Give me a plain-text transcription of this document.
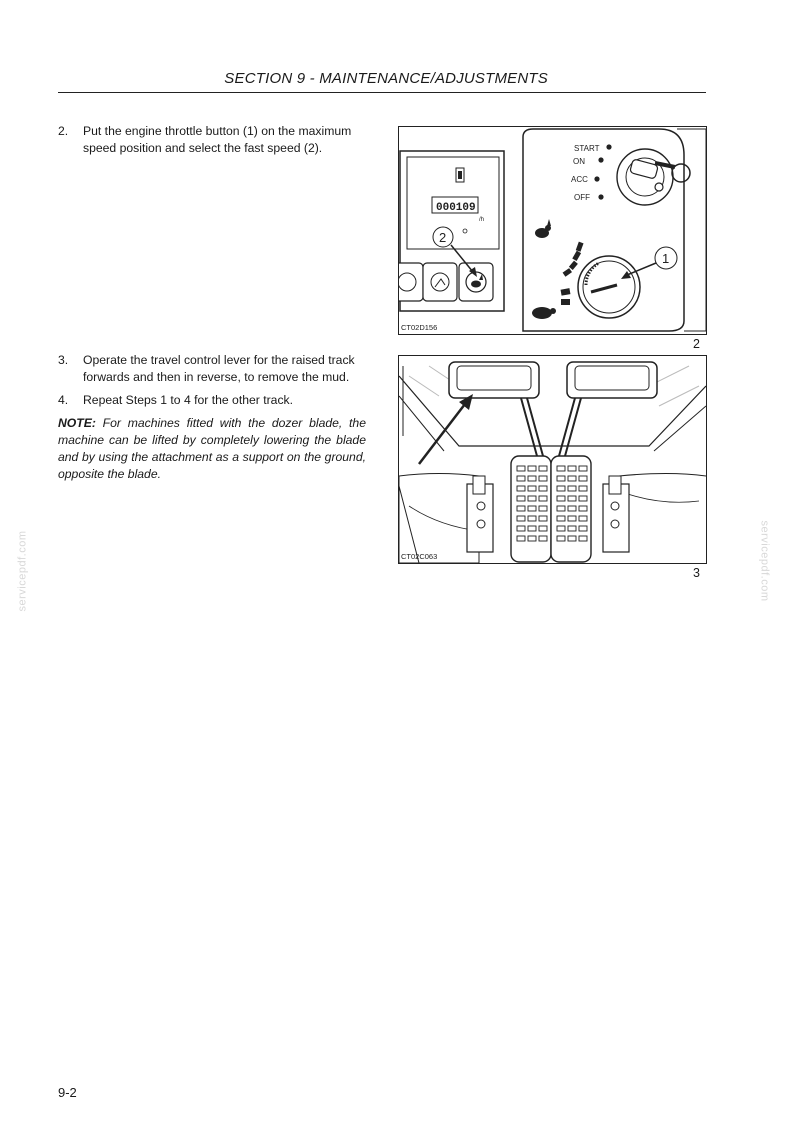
SECTION 9 - MAINTENANCE/ADJUSTMENTS
2. Put the engine throttle button (1) on the maximum speed position and select the fast speed (2).
3. Operate the travel control lever for the raised track forwards and then in reverse, to remove the mud.
4. Repeat Steps 1 to 4 for the other track.
NOTE: For machines fitted with the dozer blade, the machine can be lifted by completely lowering the blade and by using the attachment as a support on the ground, opposite the blade.
000109
/h
2
START
ON
ACC
OFF
1
CT02D156
2
CT02C063
3
servicepdf.com	servicepdf.com
9-2
